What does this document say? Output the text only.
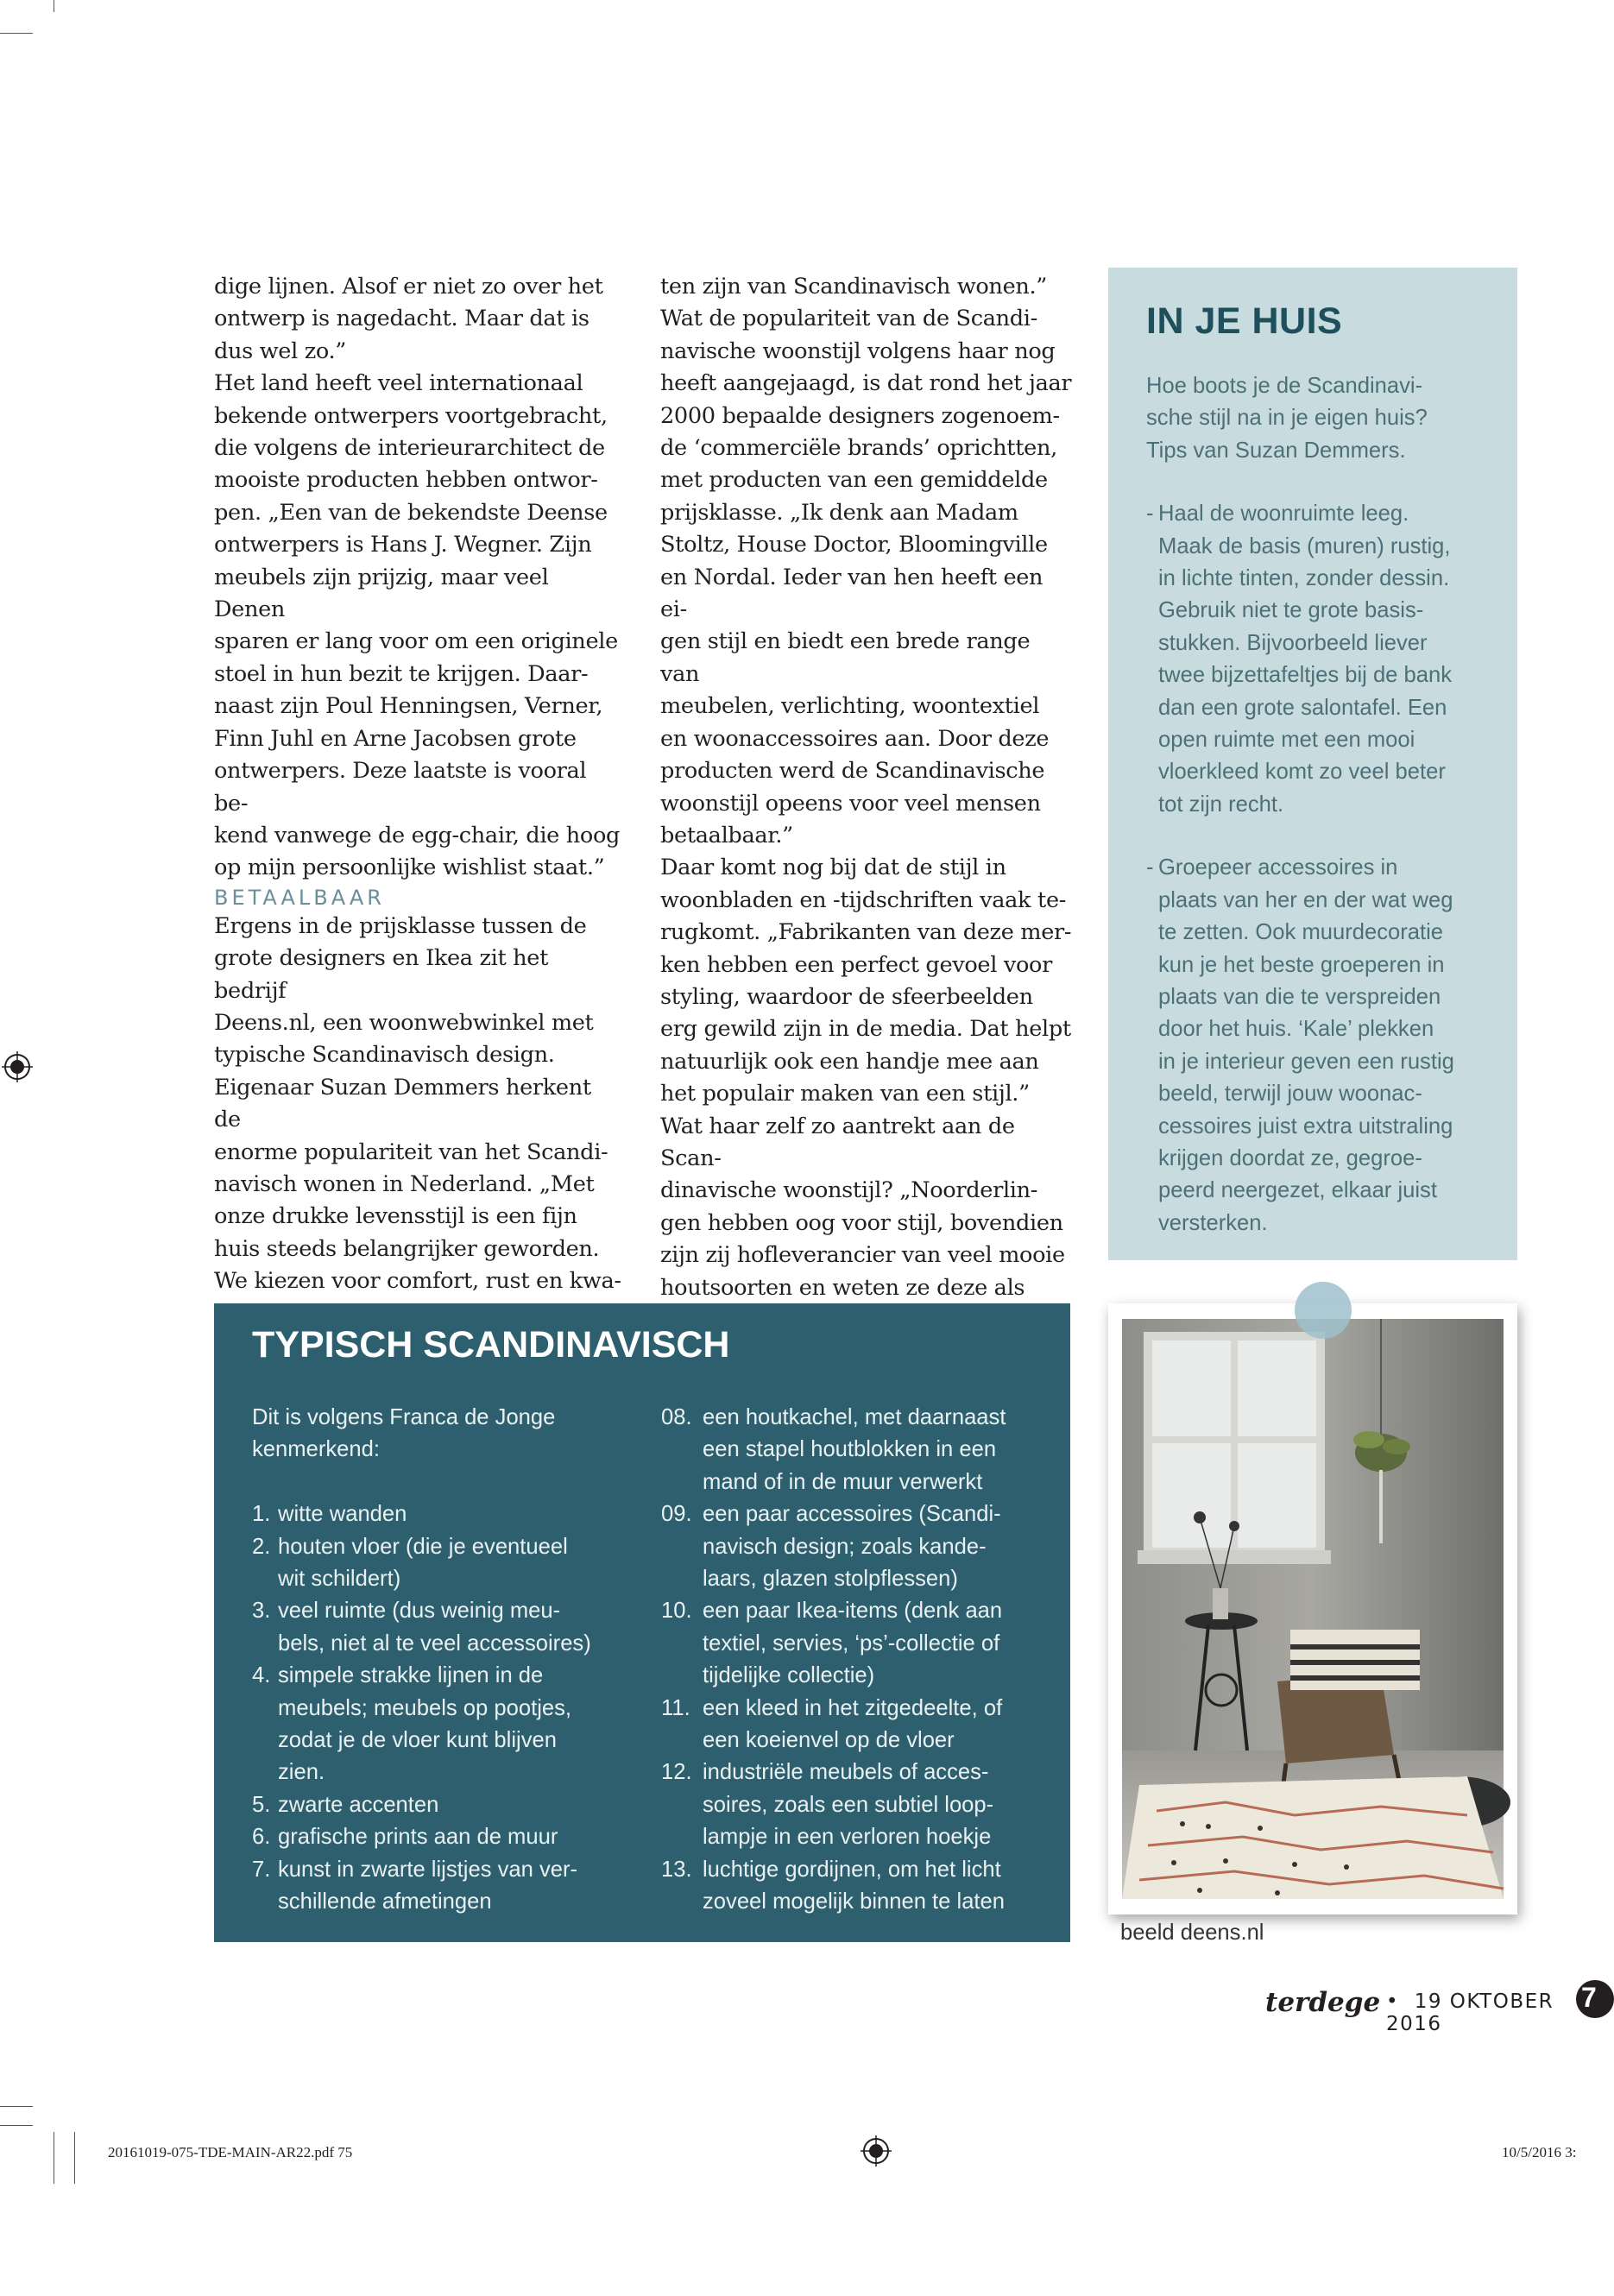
dige lijnen. Alsof er niet zo over het

ontwerp is nagedacht. Maar dat is

dus wel zo.”

Het land heeft veel internationaal

bekende ontwerpers voortgebracht,

die volgens de interieurarchitect de

mooiste producten hebben ontwor-

pen. „Een van de bekendste Deense

ontwerpers is Hans J. Wegner. Zijn

meubels zijn prijzig, maar veel Denen

sparen er lang voor om een originele

stoel in hun bezit te krijgen. Daar-

naast zijn Poul Henningsen, Verner,

Finn Juhl en Arne Jacobsen grote

ontwerpers. Deze laatste is vooral be-

kend vanwege de egg-chair, die hoog

op mijn persoonlijke wishlist staat.”

BETAALBAAR

Ergens in de prijsklasse tussen de

grote designers en Ikea zit het bedrijf

Deens.nl, een woonwebwinkel met

typische Scandinavisch design.

Eigenaar Suzan Demmers herkent de

enorme populariteit van het Scandi-

navisch wonen in Nederland. „Met

onze drukke levensstijl is een fijn

huis steeds belangrijker geworden.

We kiezen voor comfort, rust en kwa-

ten zijn van Scandinavisch wonen.”

Wat de populariteit van de Scandi-

navische woonstijl volgens haar nog

heeft aangejaagd, is dat rond het jaar

2000 bepaalde designers zogenoem-

de ‘commerciële brands’ oprichtten,

met producten van een gemiddelde

prijsklasse. „Ik denk aan Madam

Stoltz, House Doctor, Bloomingville

en Nordal. Ieder van hen heeft een ei-

gen stijl en biedt een brede range van

meubelen, verlichting, woontextiel

en woonaccessoires aan. Door deze

producten werd de Scandinavische

woonstijl opeens voor veel mensen

betaalbaar.”

Daar komt nog bij dat de stijl in

woonbladen en -tijdschriften vaak te-

rugkomt. „Fabrikanten van deze mer-

ken hebben een perfect gevoel voor

styling, waardoor de sfeerbeelden

erg gewild zijn in de media. Dat helpt

natuurlijk ook een handje mee aan

het populair maken van een stijl.”

Wat haar zelf zo aantrekt aan de Scan-

dinavische woonstijl? „Noorderlin-

gen hebben oog voor stijl, bovendien

zijn zij hofleverancier van veel mooie

houtsoorten en weten ze deze als

IN JE HUIS
Hoe boots je de Scandinavi-
sche stijl na in je eigen huis?
Tips van Suzan Demmers.
- Haal de woonruimte leeg.
Maak de basis (muren) rustig,
in lichte tinten, zonder dessin.
Gebruik niet te grote basis-
stukken. Bijvoorbeeld liever
twee bijzettafeltjes bij de bank
dan een grote salontafel. Een
open ruimte met een mooi
vloerkleed komt zo veel beter
tot zijn recht.
- Groepeer accessoires in
plaats van her en der wat weg
te zetten. Ook muurdecoratie
kun je het beste groeperen in
plaats van die te verspreiden
door het huis. ‘Kale’ plekken
in je interieur geven een rustig
beeld, terwijl jouw woonac-
cessoires juist extra uitstraling
krijgen doordat ze, gegroe-
peerd neergezet, elkaar juist
versterken.
TYPISCH SCANDINAVISCH
Dit is volgens Franca de Jonge
kenmerkend:
1. witte wanden
2. houten vloer (die je eventueel
wit schildert)
3. veel ruimte (dus weinig meu-
bels, niet al te veel accessoires)
4. simpele strakke lijnen in de
meubels; meubels op pootjes,
zodat je de vloer kunt blijven
zien.
5. zwarte accenten
6. grafische prints aan de muur
7. kunst in zwarte lijstjes van ver-
schillende afmetingen
08. een houtkachel, met daarnaast
een stapel houtblokken in een
mand of in de muur verwerkt
09. een paar accessoires (Scandi-
navisch design; zoals kande-
laars, glazen stolpflessen)
10. een paar Ikea-items (denk aan
textiel, servies, ‘ps’-collectie of
tijdelijke collectie)
11. een kleed in het zitgedeelte, of
een koeienvel op de vloer
12. industriële meubels of acces-
soires, zoals een subtiel loop-
lampje in een verloren hoekje
13. luchtige gordijnen, om het licht
zoveel mogelijk binnen te laten
beeld deens.nl
terdege • 19 OKTOBER 2016
7
20161019-075-TDE-MAIN-AR22.pdf 75	10/5/2016 3:
